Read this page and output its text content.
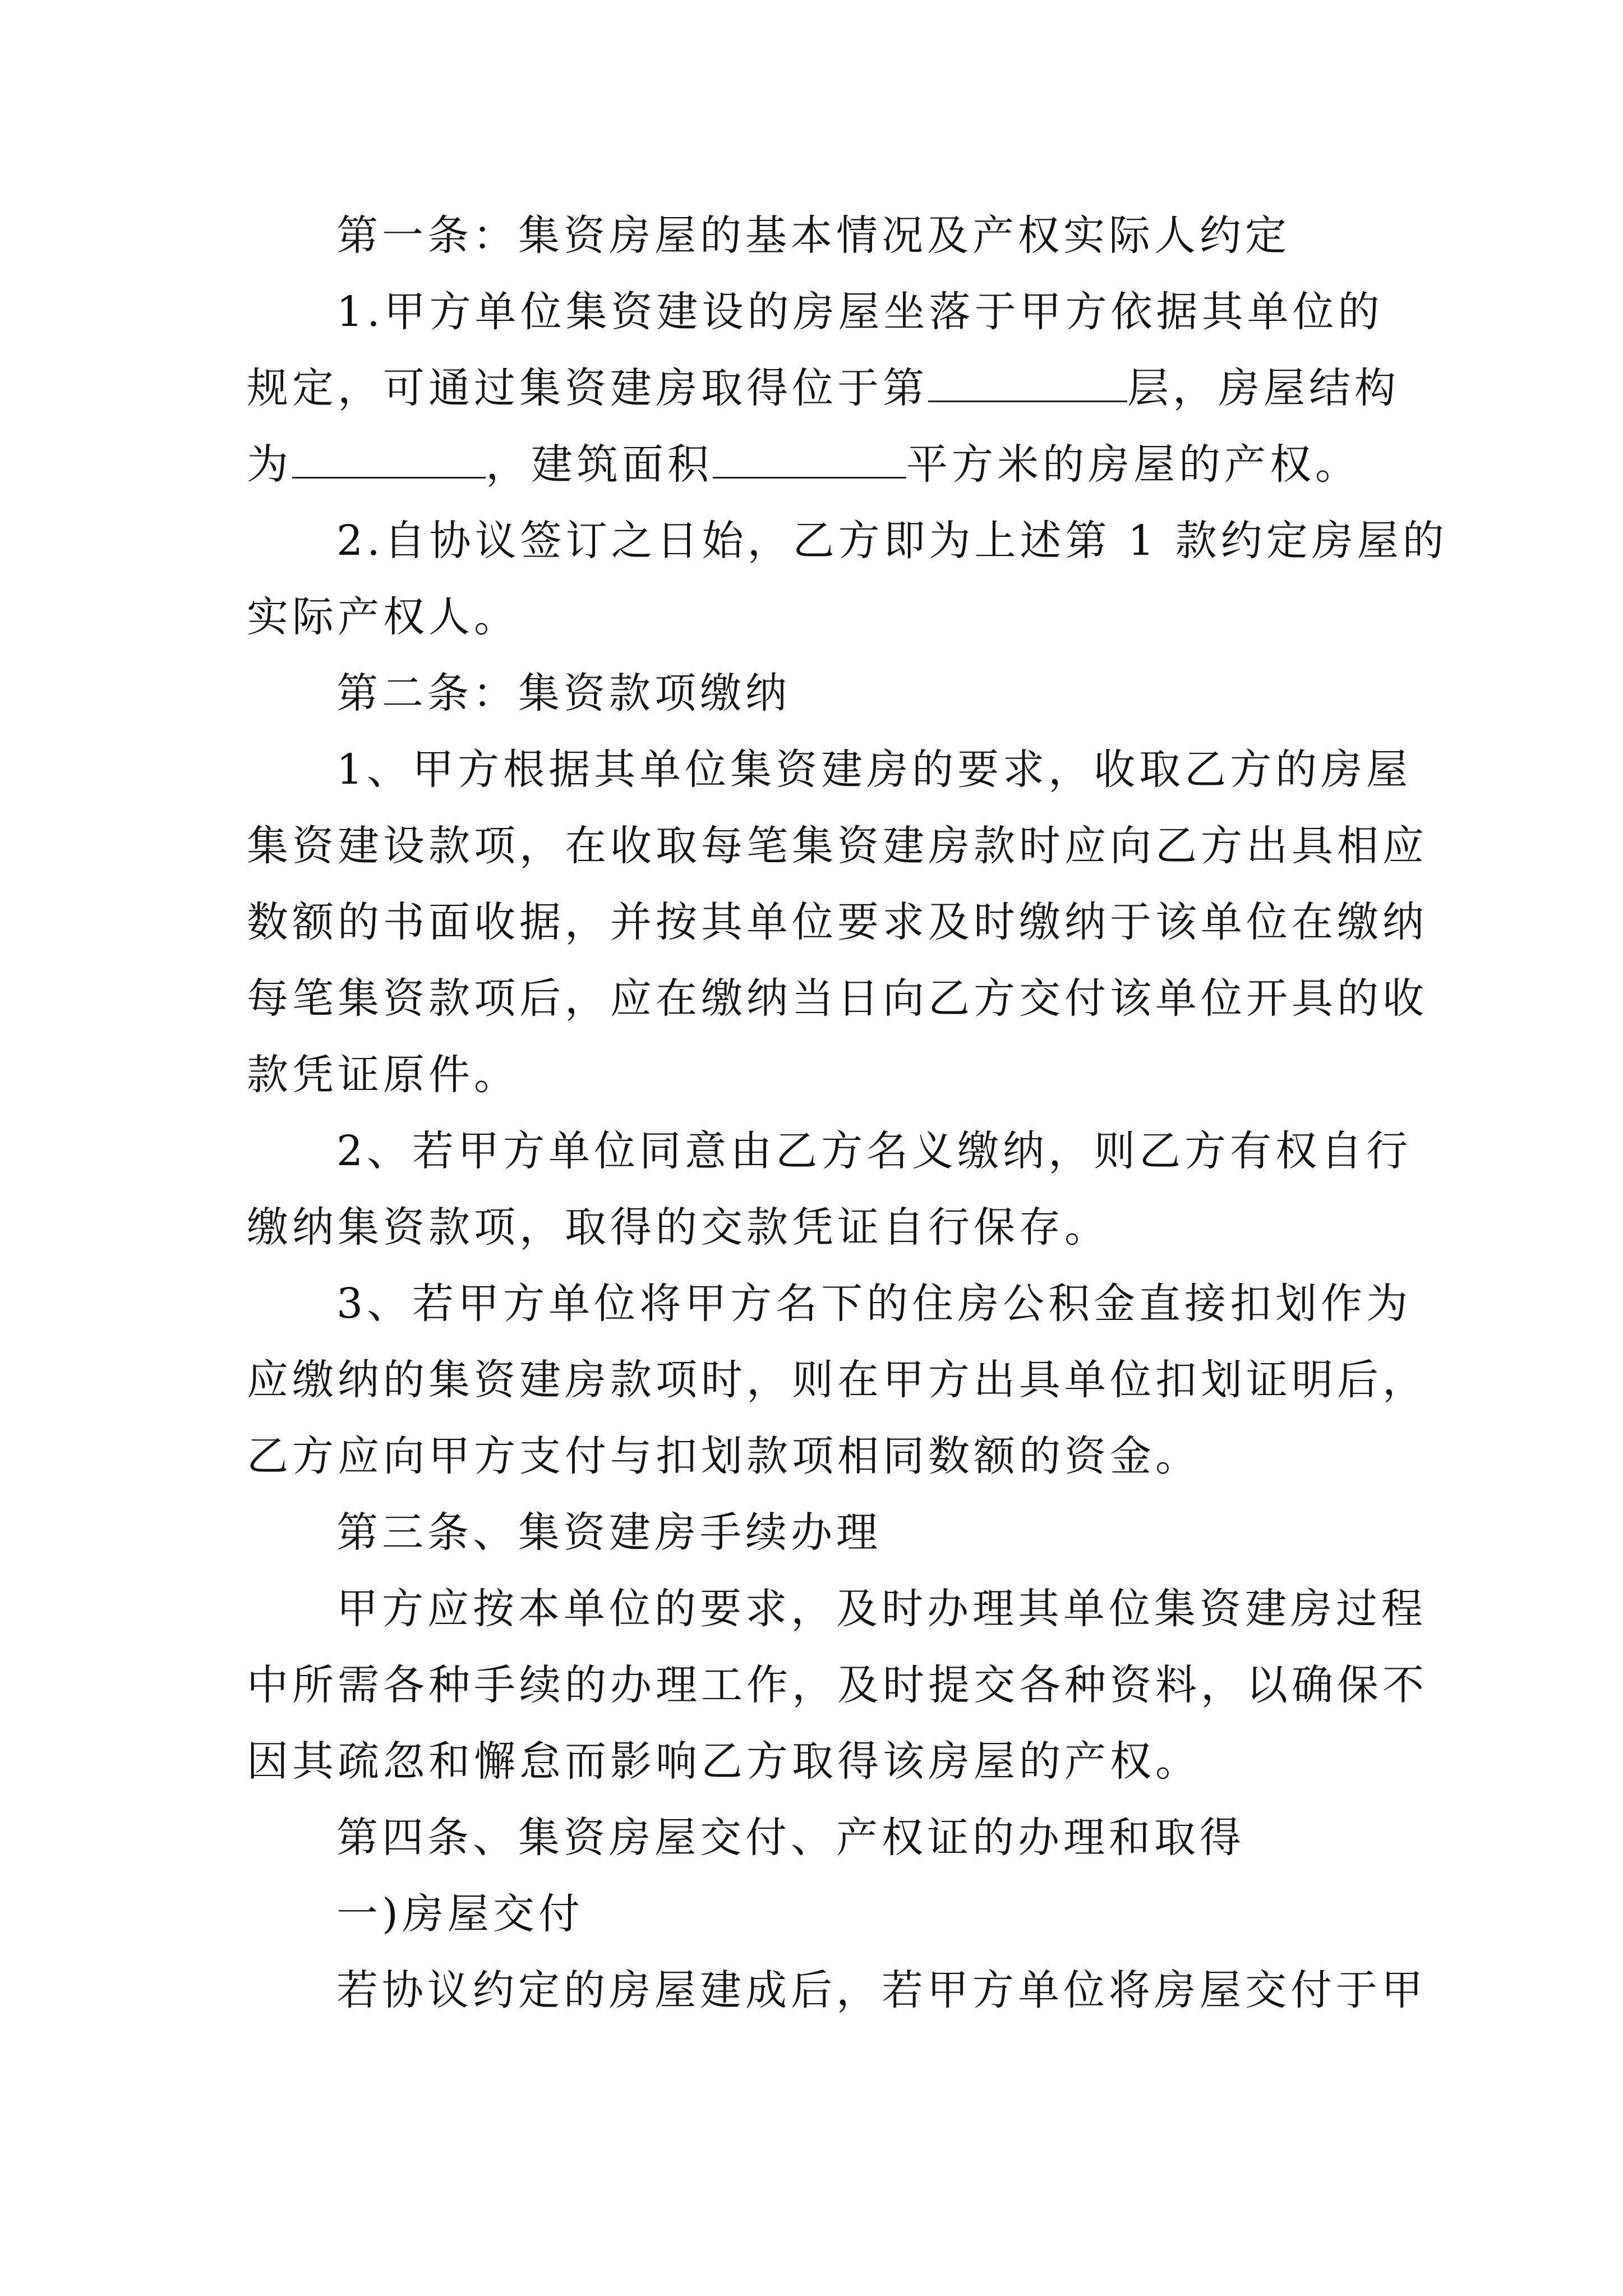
第一条：集资房屋的基本情况及产权实际人约定
1.甲方单位集资建设的房屋坐落于甲方依据其单位的
规定，可通过集资建房取得位于第	层，房屋结构
为	，建筑面积	平方米的房屋的产权。
2.自协议签订之日始，乙方即为上述第 1 款约定房屋的
实际产权人。
第二条：集资款项缴纳
1、甲方根据其单位集资建房的要求，收取乙方的房屋
集资建设款项，在收取每笔集资建房款时应向乙方出具相应
数额的书面收据，并按其单位要求及时缴纳于该单位在缴纳
每笔集资款项后，应在缴纳当日向乙方交付该单位开具的收
款凭证原件。
2、若甲方单位同意由乙方名义缴纳，则乙方有权自行
缴纳集资款项，取得的交款凭证自行保存。
3、若甲方单位将甲方名下的住房公积金直接扣划作为
应缴纳的集资建房款项时，则在甲方出具单位扣划证明后，
乙方应向甲方支付与扣划款项相同数额的资金。
第三条、集资建房手续办理
甲方应按本单位的要求，及时办理其单位集资建房过程
中所需各种手续的办理工作，及时提交各种资料，以确保不
因其疏忽和懈怠而影响乙方取得该房屋的产权。
第四条、集资房屋交付、产权证的办理和取得
一)房屋交付
若协议约定的房屋建成后，若甲方单位将房屋交付于甲
